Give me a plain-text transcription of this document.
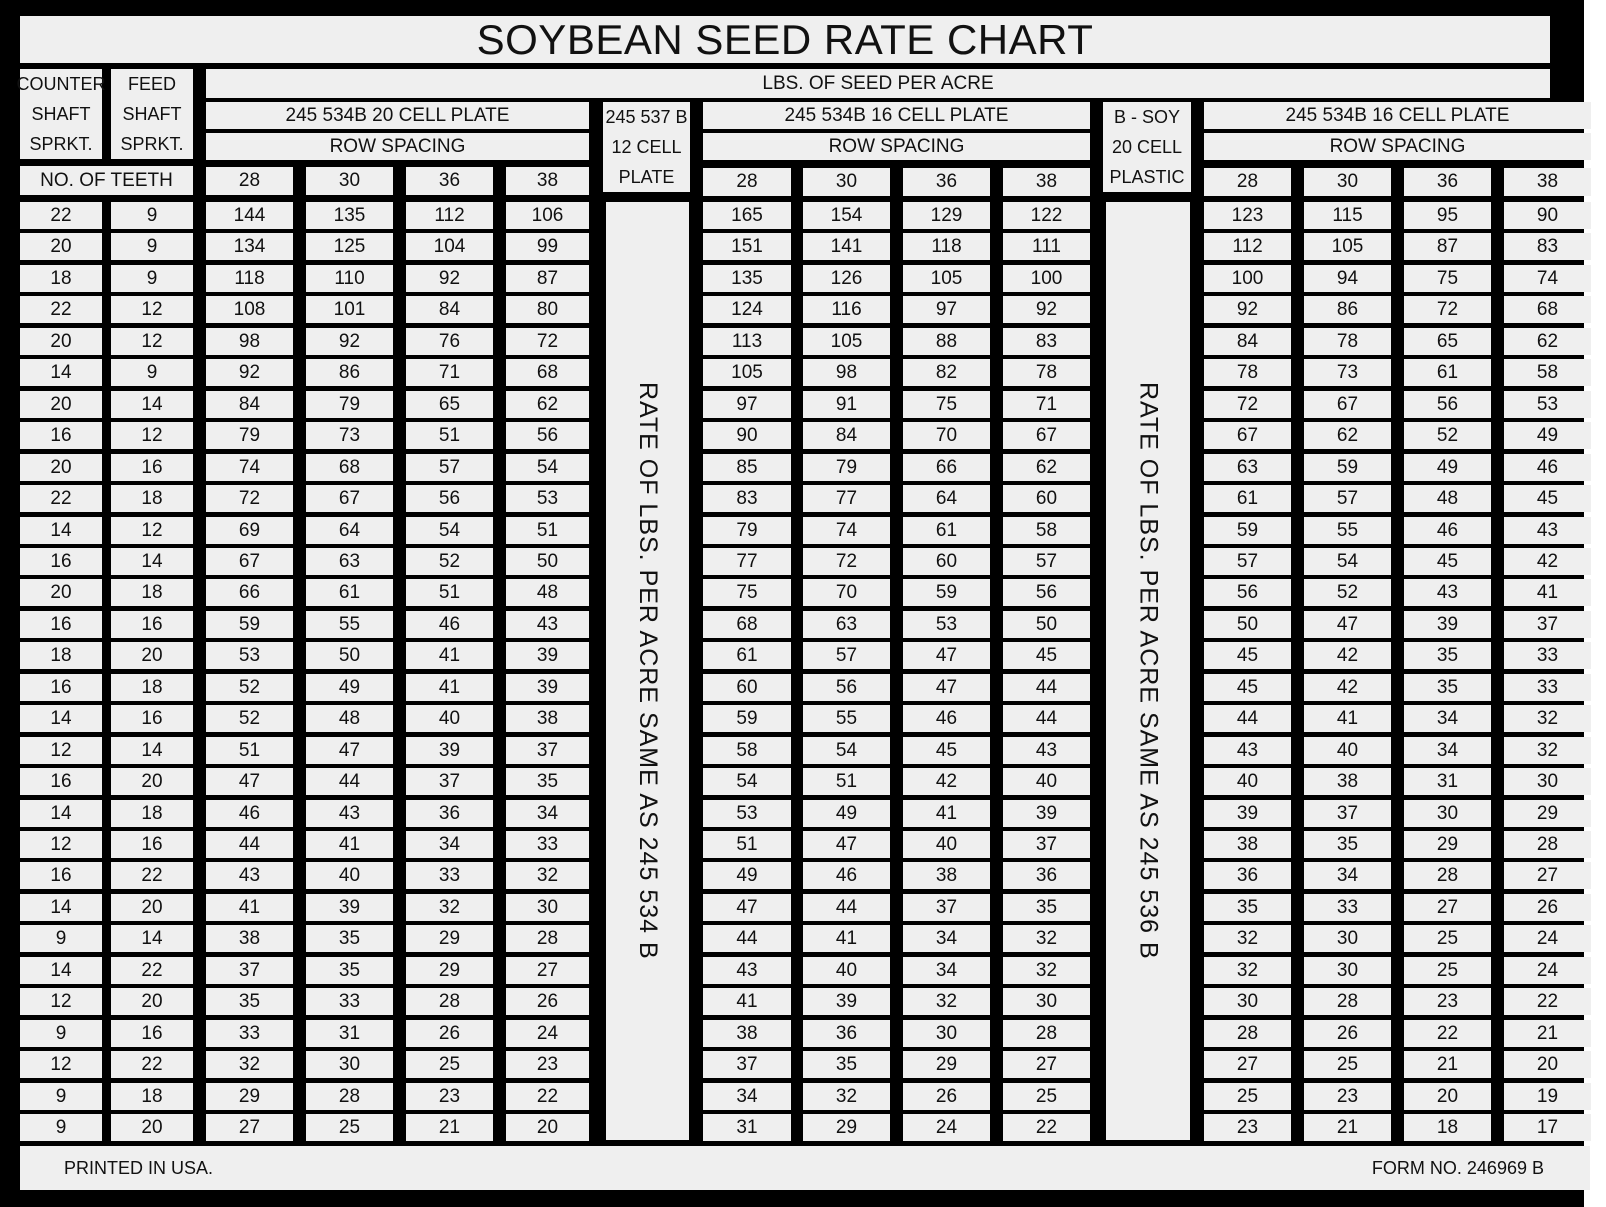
SOYBEAN SEED RATE CHART
COUNTER
SHAFT
SPRKT.
FEED
SHAFT
SPRKT.
NO. OF TEETH
LBS. OF SEED PER ACRE
245 534B 20 CELL PLATE
ROW SPACING
245 537 B
12 CELL
PLATE
245 534B 16 CELL PLATE
ROW SPACING
B - SOY
20 CELL
PLASTIC
245 534B 16 CELL PLATE
ROW SPACING
28	30	36	38	28	30	36	38	28	30	36	38
RATE OF LBS. PER ACRE SAME AS 245 534 B	RATE OF LBS. PER ACRE SAME AS 245 536 B
22	9	144	135	112	106	165	154	129	122	123	115	95	90
20	9	134	125	104	99	151	141	118	111	112	105	87	83
18	9	118	110	92	87	135	126	105	100	100	94	75	74
22	12	108	101	84	80	124	116	97	92	92	86	72	68
20	12	98	92	76	72	113	105	88	83	84	78	65	62
14	9	92	86	71	68	105	98	82	78	78	73	61	58
20	14	84	79	65	62	97	91	75	71	72	67	56	53
16	12	79	73	51	56	90	84	70	67	67	62	52	49
20	16	74	68	57	54	85	79	66	62	63	59	49	46
22	18	72	67	56	53	83	77	64	60	61	57	48	45
14	12	69	64	54	51	79	74	61	58	59	55	46	43
16	14	67	63	52	50	77	72	60	57	57	54	45	42
20	18	66	61	51	48	75	70	59	56	56	52	43	41
16	16	59	55	46	43	68	63	53	50	50	47	39	37
18	20	53	50	41	39	61	57	47	45	45	42	35	33
16	18	52	49	41	39	60	56	47	44	45	42	35	33
14	16	52	48	40	38	59	55	46	44	44	41	34	32
12	14	51	47	39	37	58	54	45	43	43	40	34	32
16	20	47	44	37	35	54	51	42	40	40	38	31	30
14	18	46	43	36	34	53	49	41	39	39	37	30	29
12	16	44	41	34	33	51	47	40	37	38	35	29	28
16	22	43	40	33	32	49	46	38	36	36	34	28	27
14	20	41	39	32	30	47	44	37	35	35	33	27	26
9	14	38	35	29	28	44	41	34	32	32	30	25	24
14	22	37	35	29	27	43	40	34	32	32	30	25	24
12	20	35	33	28	26	41	39	32	30	30	28	23	22
9	16	33	31	26	24	38	36	30	28	28	26	22	21
12	22	32	30	25	23	37	35	29	27	27	25	21	20
9	18	29	28	23	22	34	32	26	25	25	23	20	19
9	20	27	25	21	20	31	29	24	22	23	21	18	17
PRINTED IN USA.	FORM NO. 246969 B
